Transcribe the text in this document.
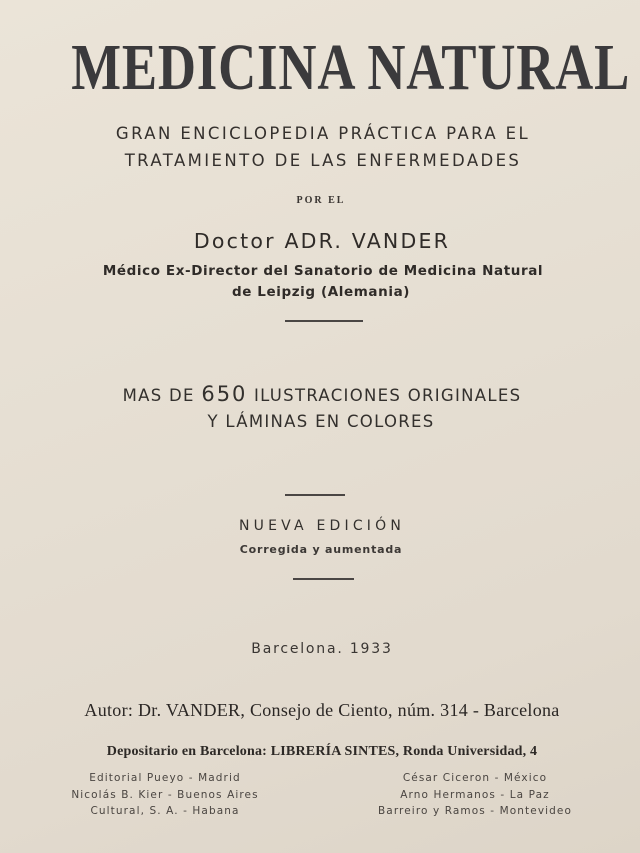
MEDICINA NATURAL
GRAN ENCICLOPEDIA PRÁCTICA PARA EL
TRATAMIENTO DE LAS ENFERMEDADES
POR EL
Doctor ADR. VANDER
Médico Ex-Director del Sanatorio de Medicina Natural
de Leipzig (Alemania)
MAS DE 650 ILUSTRACIONES ORIGINALES
Y LÁMINAS EN COLORES
NUEVA EDICIÓN
Corregida y aumentada
Barcelona. 1933
Autor: Dr. VANDER, Consejo de Ciento, núm. 314 - Barcelona
Depositario en Barcelona: LIBRERÍA SINTES, Ronda Universidad, 4
Editorial Pueyo - Madrid
Nicolás B. Kier - Buenos Aires
Cultural, S. A. - Habana
César Ciceron - México
Arno Hermanos - La Paz
Barreiro y Ramos - Montevideo
